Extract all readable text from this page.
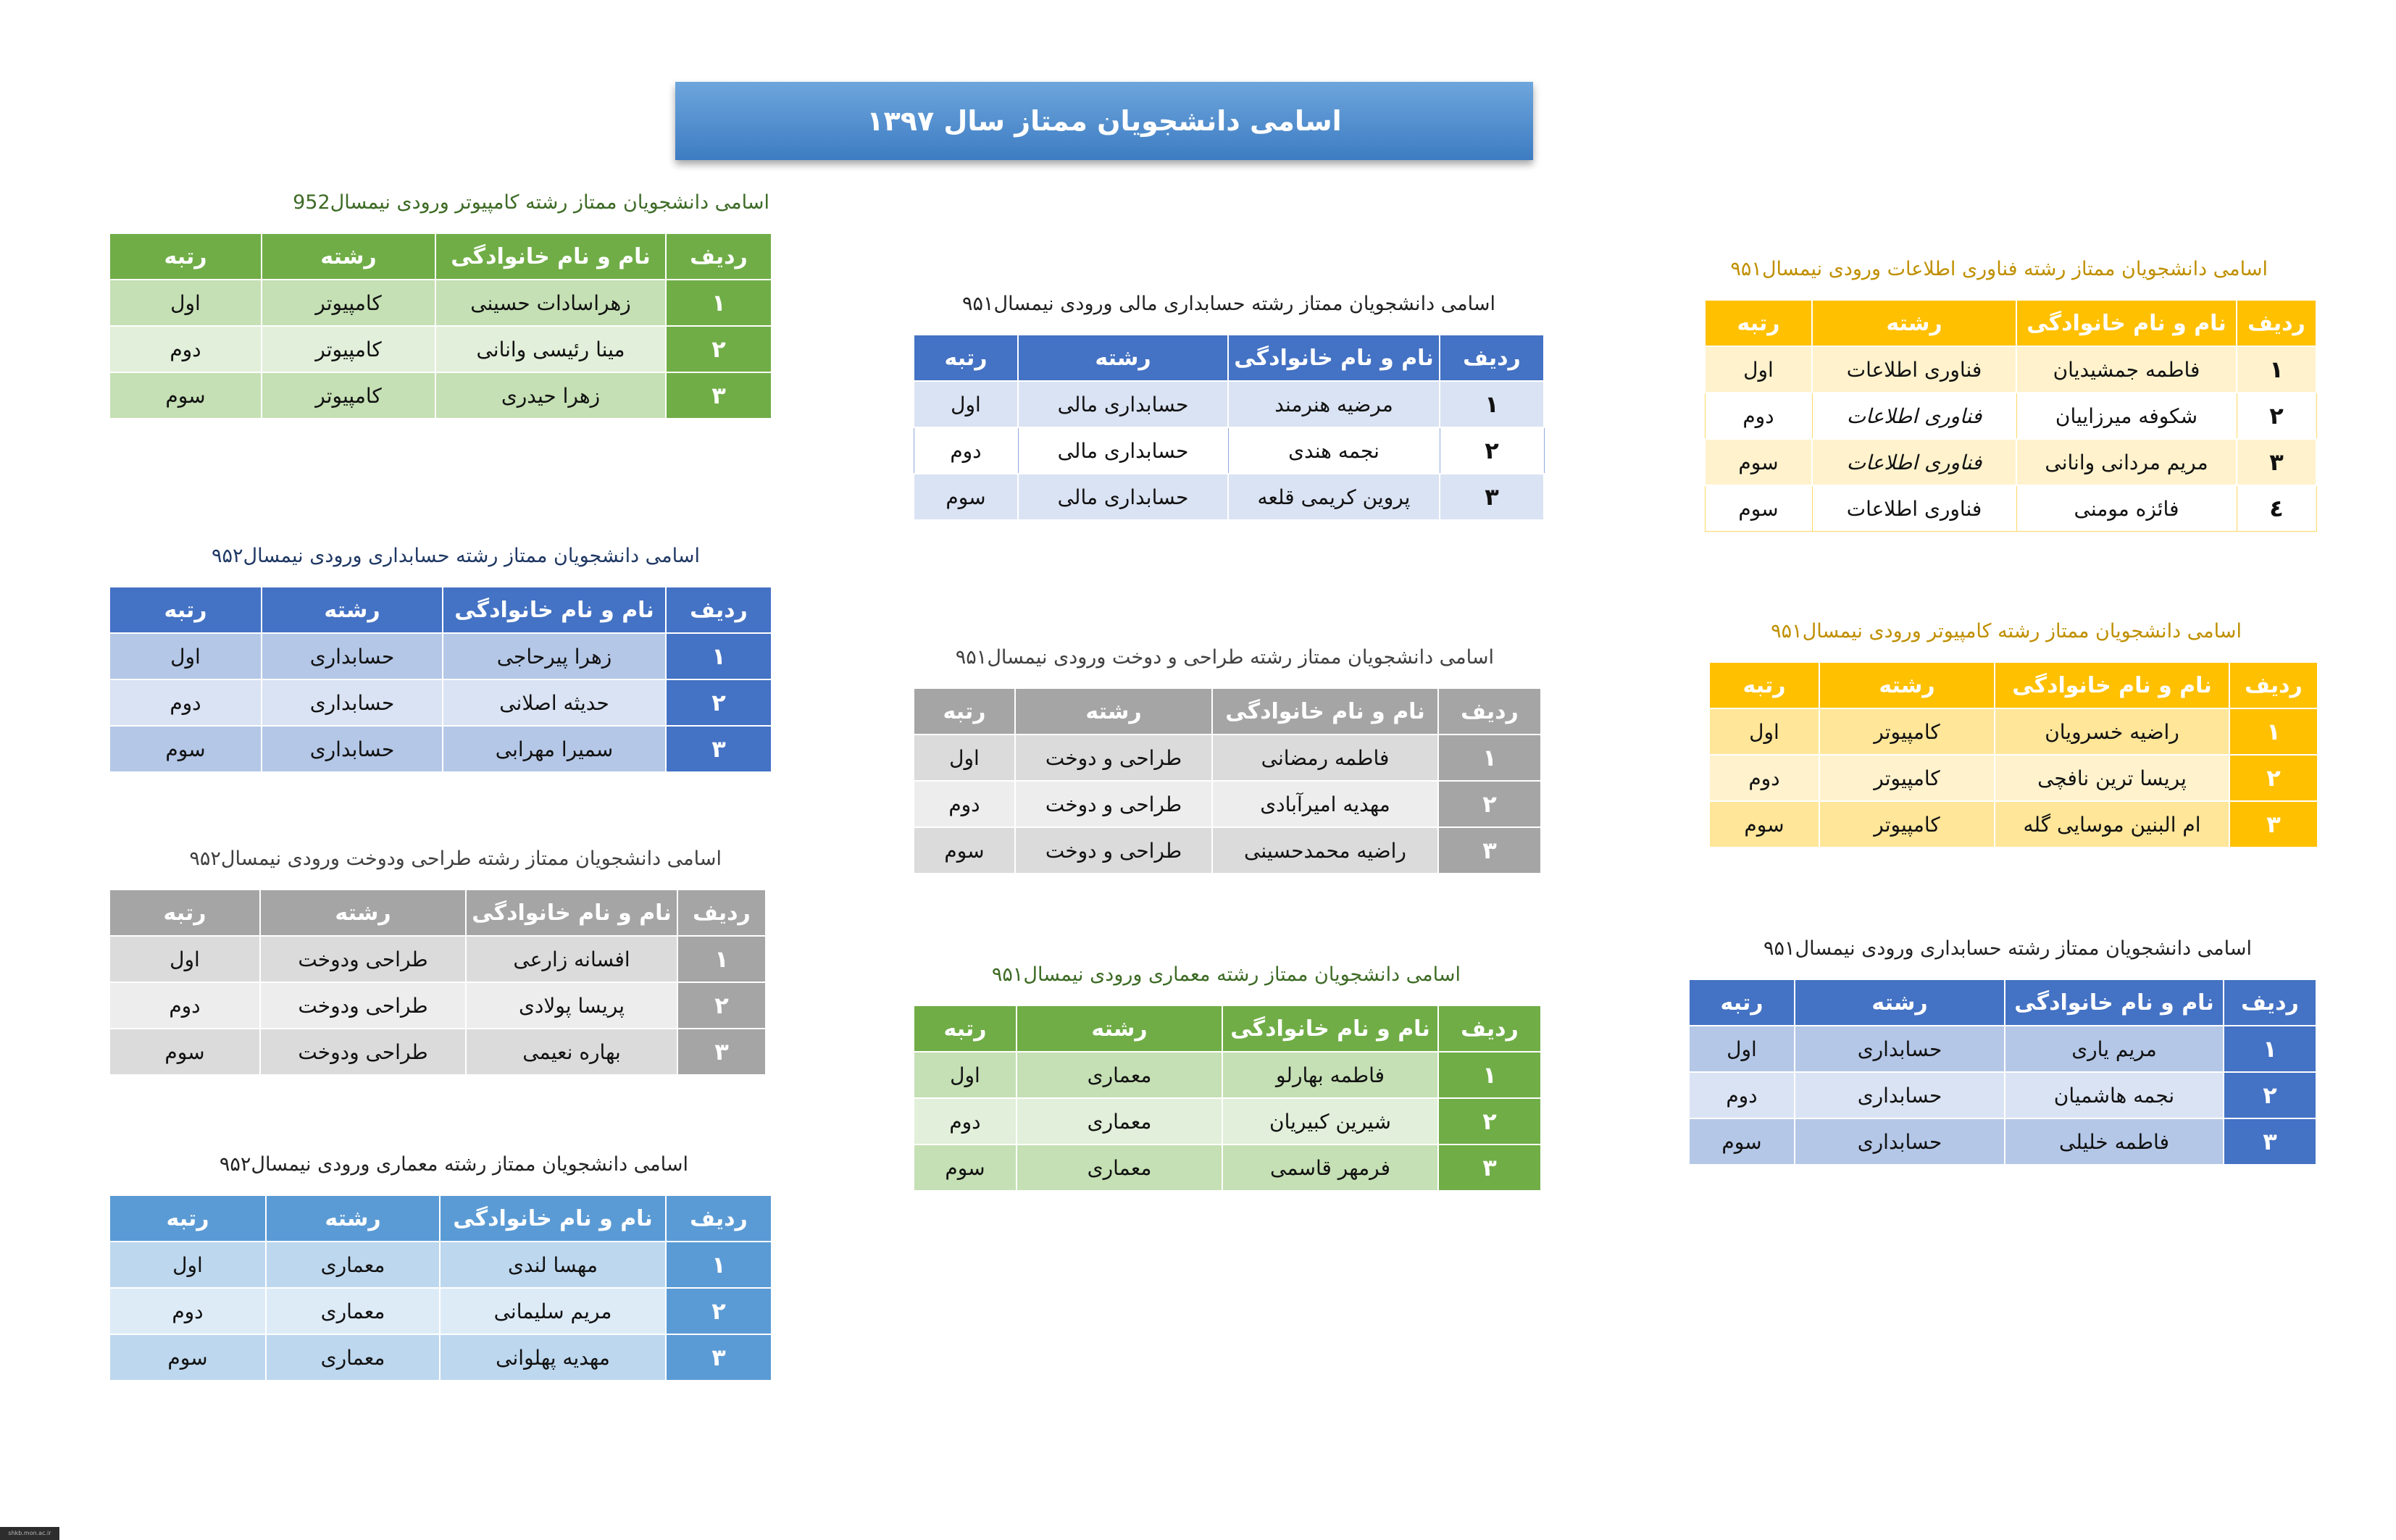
اسامی دانشجویان ممتاز سال ۱۳۹۷
اسامی دانشجویان ممتاز رشته کامپیوتر ورودی نیمسال952
ردیف	نام و نام خانوادگی	رشته	رتبه
١	زهراسادات حسینی	کامپیوتر	اول
٢	مینا رئیسی وانانی	کامپیوتر	دوم
٣	زهرا حیدری	کامپیوتر	سوم
اسامی دانشجویان ممتاز رشته حسابداری ورودی نیمسال۹۵۲
ردیف	نام و نام خانوادگی	رشته	رتبه
۱	زهرا پیرحاجی	حسابداری	اول
۲	حدیثه اصلانی	حسابداری	دوم
۳	سمیرا مهرابی	حسابداری	سوم
اسامی دانشجویان ممتاز رشته طراحی ودوخت ورودی نیمسال۹۵۲
ردیف	نام و نام خانوادگی	رشته	رتبه
١	افسانه زارعی	طراحی ودوخت	اول
٢	پریسا پولادی	طراحی ودوخت	دوم
٣	بهاره نعیمی	طراحی ودوخت	سوم
اسامی دانشجویان ممتاز رشته معماری ورودی نیمسال۹۵۲
ردیف	نام و نام خانوادگی	رشته	رتبه
١	مهسا لندی	معماری	اول
٢	مریم سلیمانی	معماری	دوم
٣	مهدیه پهلوانی	معماری	سوم
اسامی دانشجویان ممتاز رشته حسابداری مالی ورودی نیمسال۹۵۱
ردیف	نام و نام خانوادگی	رشته	رتبه
۱	مرضیه هنرمند	حسابداری مالی	اول
۲	نجمه هندی	حسابداری مالی	دوم
۳	پروین کریمی قلعه	حسابداری مالی	سوم
اسامی دانشجویان ممتاز رشته طراحی و دوخت ورودی نیمسال۹۵۱
ردیف	نام و نام خانوادگی	رشته	رتبه
١	فاطمه رمضانی	طراحی و دوخت	اول
٢	مهدیه امیرآبادی	طراحی و دوخت	دوم
٣	راضیه محمدحسینی	طراحی و دوخت	سوم
اسامی دانشجویان ممتاز رشته معماری ورودی نیمسال۹۵۱
ردیف	نام و نام خانوادگی	رشته	رتبه
١	فاطمه بهارلو	معماری	اول
٢	شیرین کبیریان	معماری	دوم
٣	فرمهر قاسمی	معماری	سوم
اسامی دانشجویان ممتاز رشته فناوری اطلاعات ورودی نیمسال۹۵۱
ردیف	نام و نام خانوادگی	رشته	رتبه
۱	فاطمه جمشیدیان	فناوری اطلاعات	اول
۲	شکوفه میرزاییان	فناوری اطلاعات	دوم
۳	مریم مردانی وانانی	فناوری اطلاعات	سوم
٤	فائزه مومنی	فناوری اطلاعات	سوم
اسامی دانشجویان ممتاز رشته کامپیوتر ورودی نیمسال۹۵۱
ردیف	نام و نام خانوادگی	رشته	رتبه
١	راضیه خسرویان	کامپیوتر	اول
٢	پریسا ترین نافچی	کامپیوتر	دوم
٣	ام البنین موسایی گله	کامپیوتر	سوم
اسامی دانشجویان ممتاز رشته حسابداری ورودی نیمسال۹۵۱
ردیف	نام و نام خانوادگی	رشته	رتبه
۱	مریم یاری	حسابداری	اول
۲	نجمه هاشمیان	حسابداری	دوم
۳	فاطمه خلیلی	حسابداری	سوم
shkb.mon.ac.ir
